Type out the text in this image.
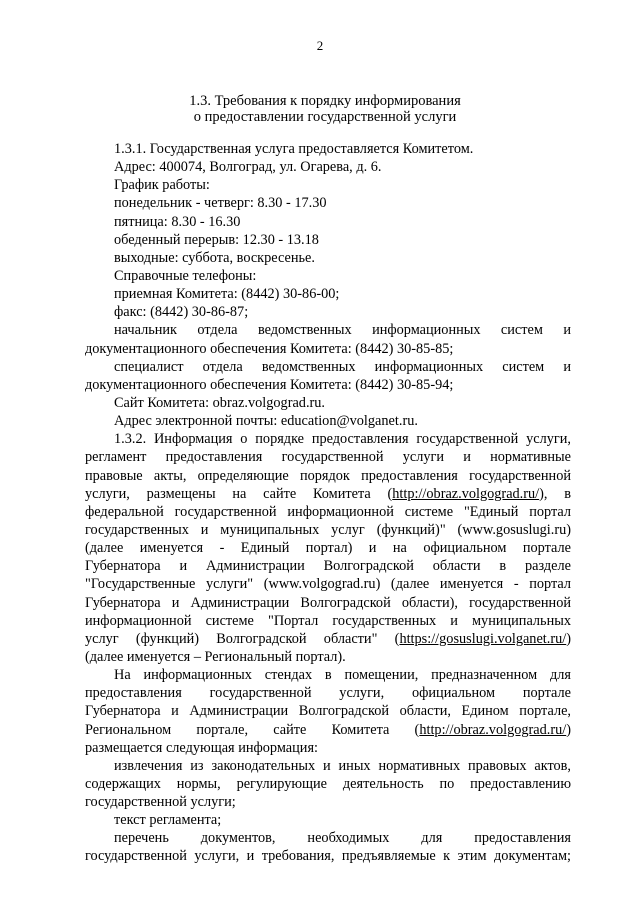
2
1.3. Требования к порядку информирования
о предоставлении государственной услуги
1.3.1. Государственная услуга предоставляется Комитетом.
Адрес: 400074, Волгоград, ул. Огарева, д. 6.
График работы:
понедельник - четверг: 8.30 - 17.30
пятница: 8.30 - 16.30
обеденный перерыв: 12.30 - 13.18
выходные: суббота, воскресенье.
Справочные телефоны:
приемная Комитета: (8442) 30-86-00;
факс: (8442) 30-86-87;
начальник отдела ведомственных информационных систем и
документационного обеспечения Комитета: (8442) 30-85-85;
специалист отдела ведомственных информационных систем и
документационного обеспечения Комитета: (8442) 30-85-94;
Сайт Комитета: obraz.volgograd.ru.
Адрес электронной почты: education@volganet.ru.
1.3.2. Информация о порядке предоставления государственной услуги,
регламент предоставления государственной услуги и нормативные
правовые акты, определяющие порядок предоставления государственной
услуги, размещены на сайте Комитета (http://obraz.volgograd.ru/), в
федеральной государственной информационной системе "Единый портал
государственных и муниципальных услуг (функций)" (www.gosuslugi.ru)
(далее именуется - Единый портал) и на официальном портале
Губернатора и Администрации Волгоградской области в разделе
"Государственные услуги" (www.volgograd.ru) (далее именуется - портал
Губернатора и Администрации Волгоградской области), государственной
информационной системе "Портал государственных и муниципальных
услуг (функций) Волгоградской области" (https://gosuslugi.volganet.ru/)
(далее именуется – Региональный портал).
На информационных стендах в помещении, предназначенном для
предоставления государственной услуги, официальном портале
Губернатора и Администрации Волгоградской области, Едином портале,
Региональном портале, сайте Комитета (http://obraz.volgograd.ru/)
размещается следующая информация:
извлечения из законодательных и иных нормативных правовых актов,
содержащих нормы, регулирующие деятельность по предоставлению
государственной услуги;
текст регламента;
перечень документов, необходимых для предоставления
государственной услуги, и требования, предъявляемые к этим документам;
